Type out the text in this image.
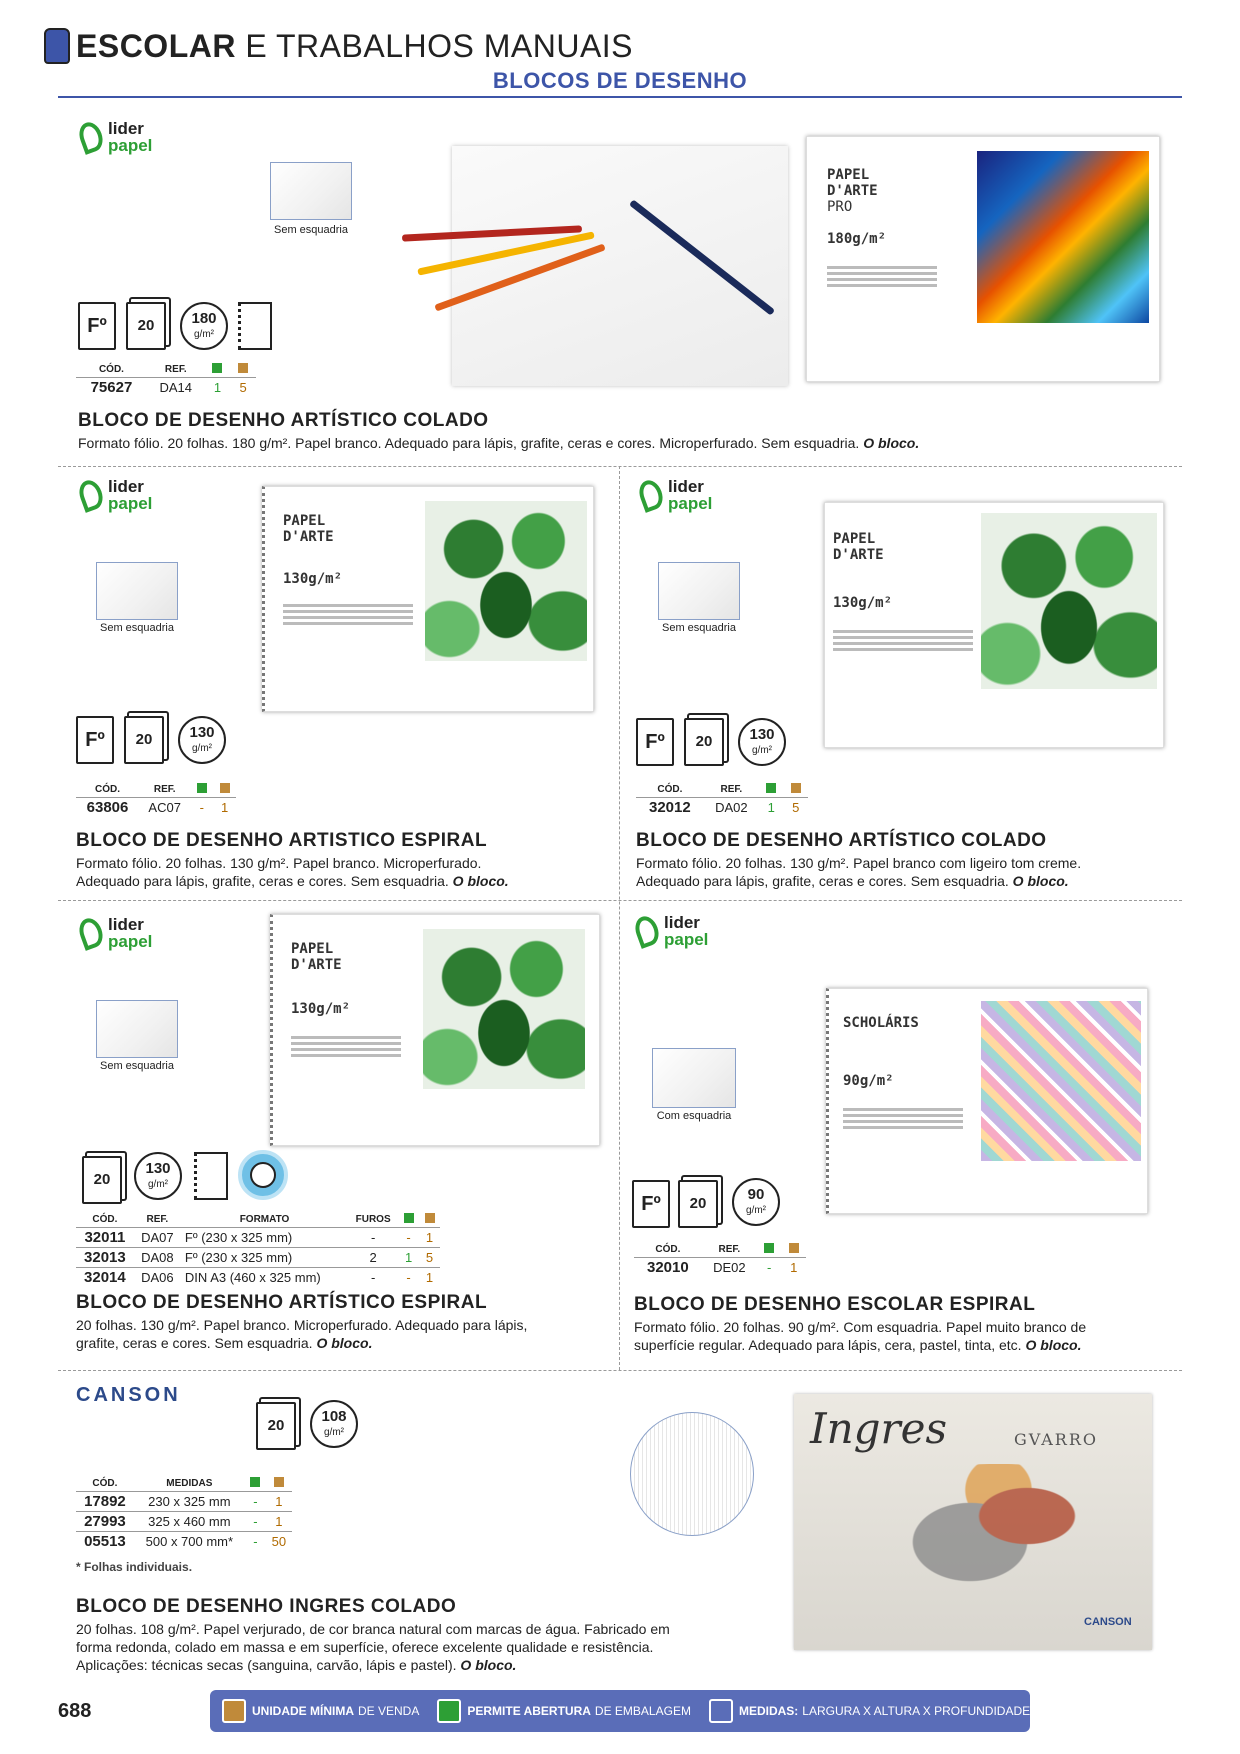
ESCOLAR E TRABALHOS MANUAIS
BLOCOS DE DESENHO
lider
papel
Sem esquadria
Fº	20	180
g/m²
CÓD.	REF.		
75627	DA14	1	5
PAPEL
D'ARTE
PRO
180g/m²
BLOCO DE DESENHO ARTÍSTICO COLADO
Formato fólio. 20 folhas. 180 g/m². Papel branco. Adequado para lápis, grafite, ceras e cores. Microperfurado. Sem esquadria. O bloco.
lider
papel
Sem esquadria
PAPEL
D'ARTE
130g/m²
Fº	20	130
g/m²
CÓD.	REF.		
63806	AC07	-	1
BLOCO DE DESENHO ARTISTICO ESPIRAL
Formato fólio. 20 folhas. 130 g/m². Papel branco. Microperfurado.
Adequado para lápis, grafite, ceras e cores. Sem esquadria. O bloco.
lider
papel
Sem esquadria
PAPEL
D'ARTE
130g/m²
Fº	20	130
g/m²
CÓD.	REF.		
32012	DA02	1	5
BLOCO DE DESENHO ARTÍSTICO COLADO
Formato fólio. 20 folhas. 130 g/m². Papel branco com ligeiro tom creme.
Adequado para lápis, grafite, ceras e cores. Sem esquadria. O bloco.
lider
papel
Sem esquadria
PAPEL
D'ARTE
130g/m²
20
130
g/m²
CÓD.	REF.	FORMATO	FUROS		
32011	DA07	Fº (230 x 325 mm)	-	-	1
32013	DA08	Fº (230 x 325 mm)	2	1	5
32014	DA06	DIN A3 (460 x 325 mm)	-	-	1
BLOCO DE DESENHO ARTÍSTICO ESPIRAL
20 folhas. 130 g/m². Papel branco. Microperfurado. Adequado para lápis,
grafite, ceras e cores. Sem esquadria. O bloco.
lider
papel
Com esquadria
SCHOLÁRIS
90g/m²
Fº	20
90
g/m²
CÓD.	REF.		
32010	DE02	-	1
BLOCO DE DESENHO ESCOLAR ESPIRAL
Formato fólio. 20 folhas. 90 g/m². Com esquadria. Papel muito branco de
superfície regular. Adequado para lápis, cera, pastel, tinta, etc. O bloco.
CANSON
20
108
g/m²
CÓD.	MEDIDAS		
17892	230 x 325 mm	-	1
27993	325 x 460 mm	-	1
05513	500 x 700 mm*	-	50
* Folhas individuais.
Ingres	GVARRO
CANSON
BLOCO DE DESENHO INGRES COLADO
20 folhas. 108 g/m². Papel verjurado, de cor branca natural com marcas de água. Fabricado em
forma redonda, colado em massa e em superfície, oferece excelente qualidade e resistência.
Aplicações: técnicas secas (sanguina, carvão, lápis e pastel). O bloco.
688	UNIDADE MÍNIMA DE VENDA	PERMITE ABERTURA DE EMBALAGEM	MEDIDAS: LARGURA X ALTURA X PROFUNDIDADE
